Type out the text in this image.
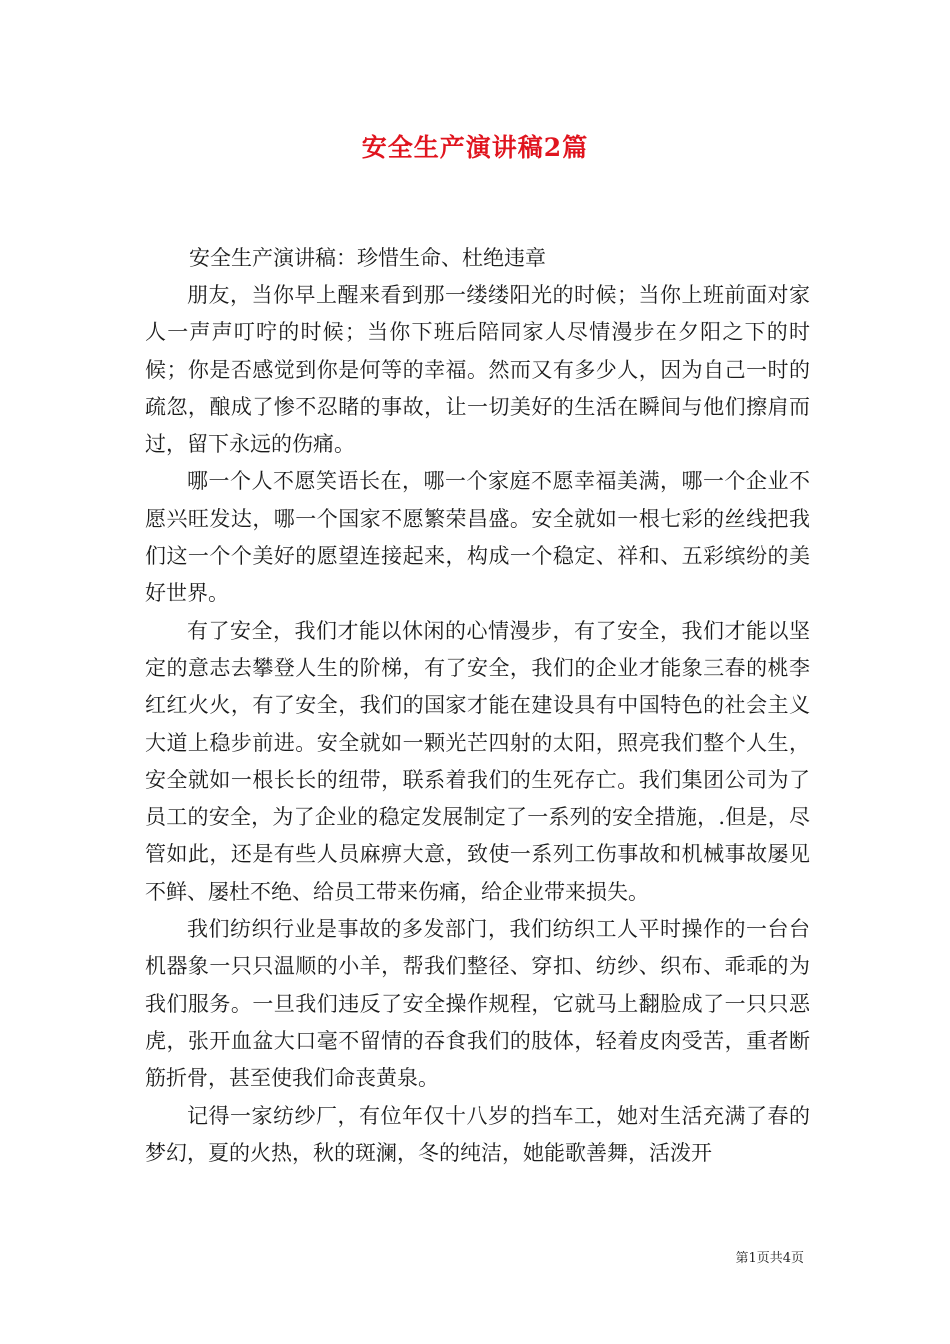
安全生产演讲稿2篇

安全生产演讲稿：珍惜生命、杜绝违章

朋友，当你早上醒来看到那一缕缕阳光的时候；当你上班前面对家人一声声叮咛的时候；当你下班后陪同家人尽情漫步在夕阳之下的时候；你是否感觉到你是何等的幸福。然而又有多少人，因为自己一时的疏忽，酿成了惨不忍睹的事故，让一切美好的生活在瞬间与他们擦肩而过，留下永远的伤痛。

哪一个人不愿笑语长在，哪一个家庭不愿幸福美满，哪一个企业不愿兴旺发达，哪一个国家不愿繁荣昌盛。安全就如一根七彩的丝线把我们这一个个美好的愿望连接起来，构成一个稳定、祥和、五彩缤纷的美好世界。

有了安全，我们才能以休闲的心情漫步，有了安全，我们才能以坚定的意志去攀登人生的阶梯，有了安全，我们的企业才能象三春的桃李红红火火，有了安全，我们的国家才能在建设具有中国特色的社会主义大道上稳步前进。安全就如一颗光芒四射的太阳，照亮我们整个人生，安全就如一根长长的纽带，联系着我们的生死存亡。我们集团公司为了员工的安全，为了企业的稳定发展制定了一系列的安全措施，.但是，尽管如此，还是有些人员麻痹大意，致使一系列工伤事故和机械事故屡见不鲜、屡杜不绝、给员工带来伤痛，给企业带来损失。

我们纺织行业是事故的多发部门，我们纺织工人平时操作的一台台机器象一只只温顺的小羊，帮我们整径、穿扣、纺纱、织布、乖乖的为我们服务。一旦我们违反了安全操作规程，它就马上翻脸成了一只只恶虎，张开血盆大口毫不留情的吞食我们的肢体，轻着皮肉受苦，重者断筋折骨，甚至使我们命丧黄泉。

记得一家纺纱厂，有位年仅十八岁的挡车工，她对生活充满了春的梦幻，夏的火热，秋的斑澜，冬的纯洁，她能歌善舞，活泼开

第1页共4页
